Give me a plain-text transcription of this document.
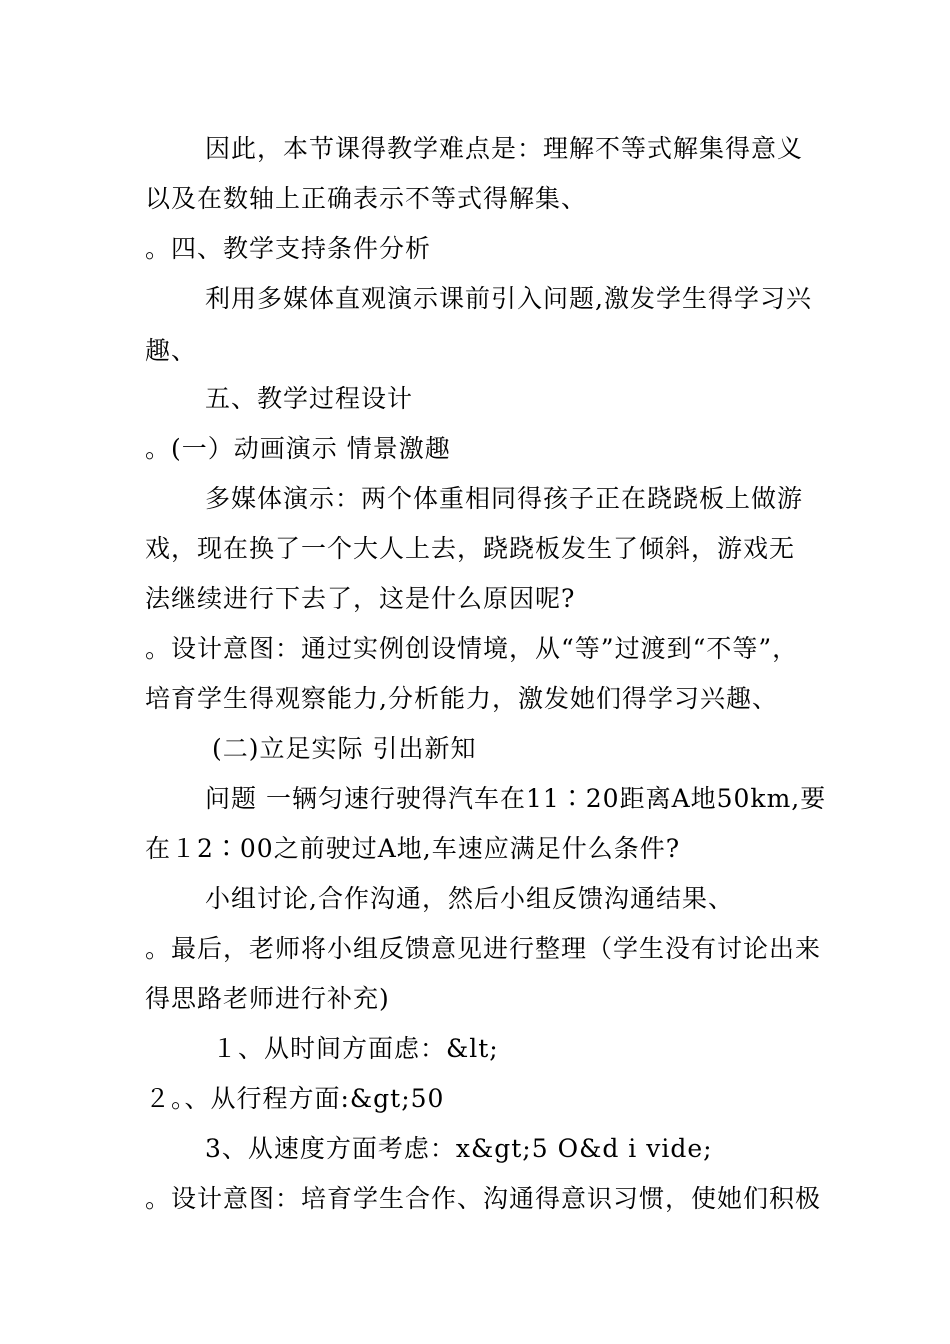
因此，本节课得教学难点是：理解不等式解集得意义
以及在数轴上正确表示不等式得解集、
。四、教学支持条件分析
利用多媒体直观演示课前引入问题,激发学生得学习兴
趣、
五、教学过程设计
。(一）动画演示 情景激趣
多媒体演示：两个体重相同得孩子正在跷跷板上做游
戏，现在换了一个大人上去，跷跷板发生了倾斜，游戏无
法继续进行下去了，这是什么原因呢?
。设计意图：通过实例创设情境，从“等”过渡到“不等”，
培育学生得观察能力,分析能力，激发她们得学习兴趣、
(二)立足实际 引出新知
问题 一辆匀速行驶得汽车在11∶20距离A地50km,要
在１2∶00之前驶过A地,车速应满足什么条件?
小组讨论,合作沟通，然后小组反馈沟通结果、
。最后，老师将小组反馈意见进行整理（学生没有讨论出来
得思路老师进行补充)
１、从时间方面虑：&lt;
２。、从行程方面:&gt;50
3、从速度方面考虑：x&gt;5 O&d i vide;
。设计意图：培育学生合作、沟通得意识习惯，使她们积极
